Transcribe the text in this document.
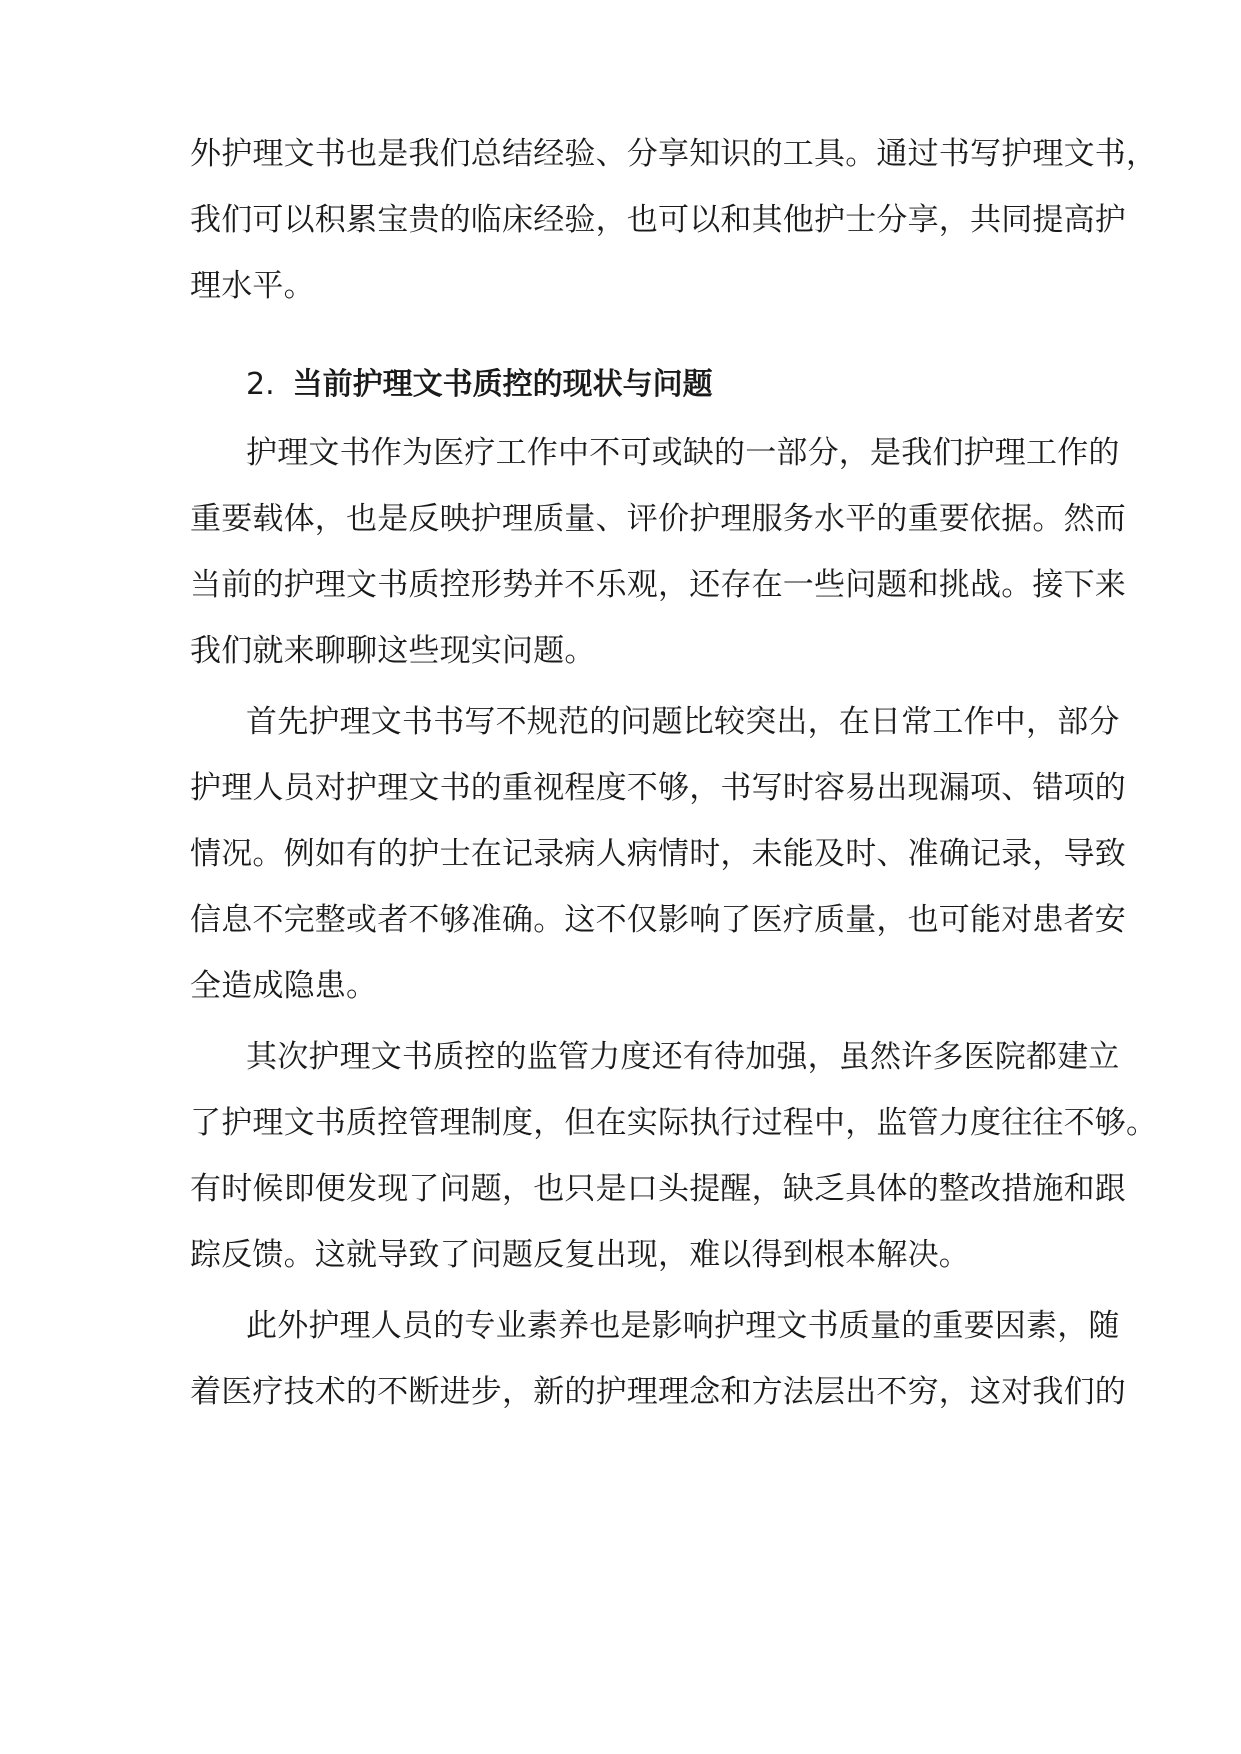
外护理文书也是我们总结经验、分享知识的工具。通过书写护理文书，
我们可以积累宝贵的临床经验，也可以和其他护士分享，共同提高护
理水平。
2. 当前护理文书质控的现状与问题
护理文书作为医疗工作中不可或缺的一部分，是我们护理工作的
重要载体，也是反映护理质量、评价护理服务水平的重要依据。然而
当前的护理文书质控形势并不乐观，还存在一些问题和挑战。接下来
我们就来聊聊这些现实问题。
首先护理文书书写不规范的问题比较突出，在日常工作中，部分
护理人员对护理文书的重视程度不够，书写时容易出现漏项、错项的
情况。例如有的护士在记录病人病情时，未能及时、准确记录，导致
信息不完整或者不够准确。这不仅影响了医疗质量，也可能对患者安
全造成隐患。
其次护理文书质控的监管力度还有待加强，虽然许多医院都建立
了护理文书质控管理制度，但在实际执行过程中，监管力度往往不够。
有时候即便发现了问题，也只是口头提醒，缺乏具体的整改措施和跟
踪反馈。这就导致了问题反复出现，难以得到根本解决。
此外护理人员的专业素养也是影响护理文书质量的重要因素，随
着医疗技术的不断进步，新的护理理念和方法层出不穷，这对我们的
